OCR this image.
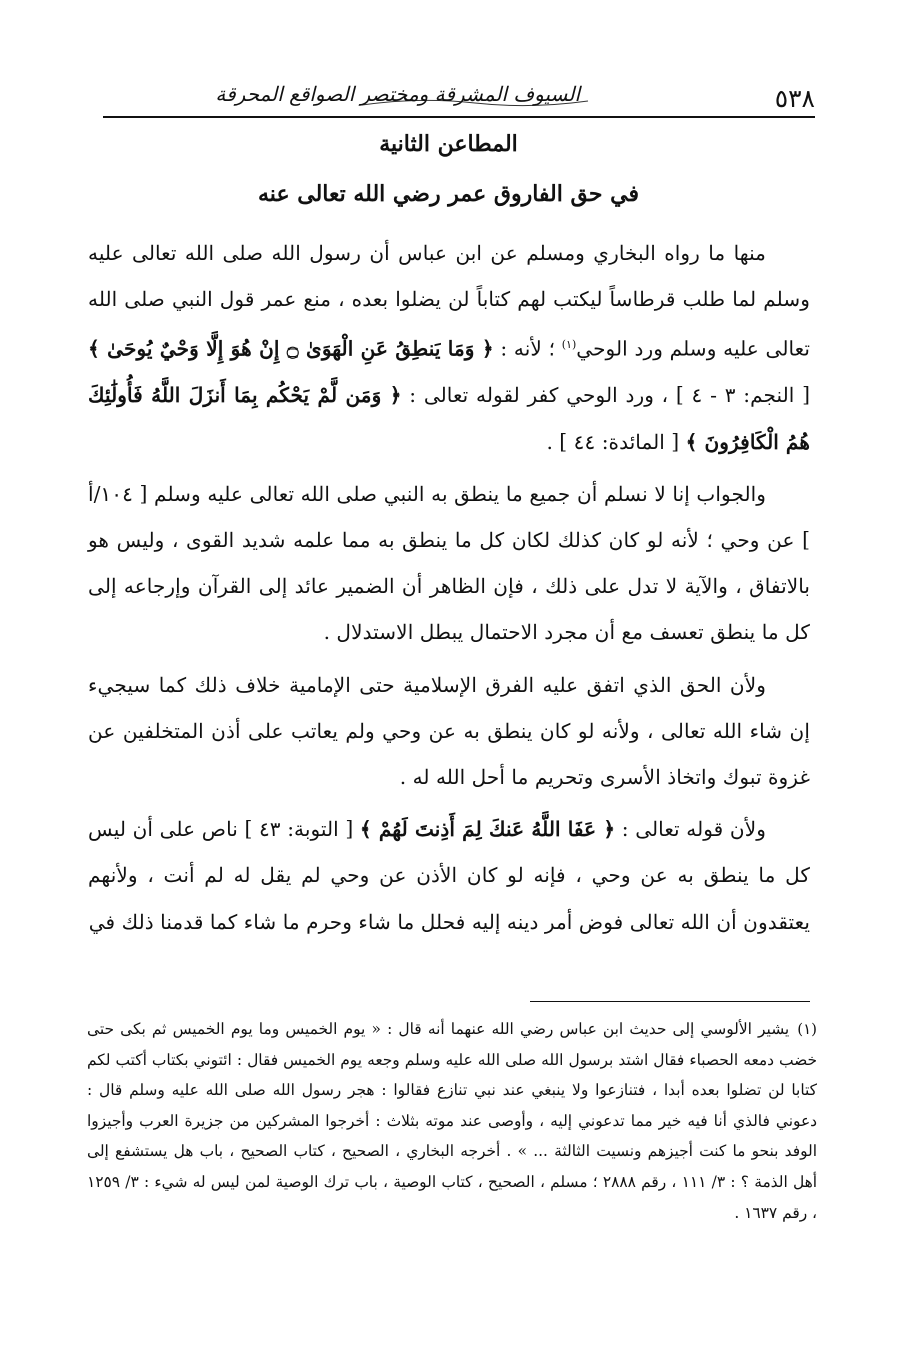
٥٣٨
السيوف المشرقة ومختصر الصواقع المحرقة
المطاعن الثانية
في حق الفاروق عمر رضي الله تعالى عنه

منها ما رواه البخاري ومسلم عن ابن عباس أن رسول الله صلى الله تعالى عليه وسلم لما طلب قرطاساً ليكتب لهم كتاباً لن يضلوا بعده ، منع عمر قول النبي صلى الله تعالى عليه وسلم ورد الوحي$^{(١)}$ ؛ لأنه : ﴿ وَمَا يَنطِقُ عَنِ الْهَوَىٰ ۝ إِنْ هُوَ إِلَّا وَحْيٌ يُوحَىٰ ﴾ [ النجم: ٣ - ٤ ] ، ورد الوحي كفر لقوله تعالى : ﴿ وَمَن لَّمْ يَحْكُم بِمَا أَنزَلَ اللَّهُ فَأُولَٰئِكَ هُمُ الْكَافِرُونَ ﴾ [ المائدة: ٤٤ ] .

والجواب إنا لا نسلم أن جميع ما ينطق به النبي صلى الله تعالى عليه وسلم [ ١٠٤/أ ] عن وحي ؛ لأنه لو كان كذلك لكان كل ما ينطق به مما علمه شديد القوى ، وليس هو بالاتفاق ، والآية لا تدل على ذلك ، فإن الظاهر أن الضمير عائد إلى القرآن وإرجاعه إلى كل ما ينطق تعسف مع أن مجرد الاحتمال يبطل الاستدلال .

ولأن الحق الذي اتفق عليه الفرق الإسلامية حتى الإمامية خلاف ذلك كما سيجيء إن شاء الله تعالى ، ولأنه لو كان ينطق به عن وحي ولم يعاتب على أذن المتخلفين عن غزوة تبوك واتخاذ الأسرى وتحريم ما أحل الله له .

ولأن قوله تعالى : ﴿ عَفَا اللَّهُ عَنكَ لِمَ أَذِنتَ لَهُمْ ﴾ [ التوبة: ٤٣ ] ناص على أن ليس كل ما ينطق به عن وحي ، فإنه لو كان الأذن عن وحي لم يقل له لم أنت ، ولأنهم يعتقدون أن الله تعالى فوض أمر دينه إليه فحلل ما شاء وحرم ما شاء كما قدمنا ذلك في

(١)يشير الألوسي إلى حديث ابن عباس رضي الله عنهما أنه قال : « يوم الخميس وما يوم الخميس ثم بكى حتى خضب دمعه الحصباء فقال اشتد برسول الله صلى الله عليه وسلم وجعه يوم الخميس فقال : ائتوني بكتاب أكتب لكم كتابا لن تضلوا بعده أبدا ، فتنازعوا ولا ينبغي عند نبي تنازع فقالوا : هجر رسول الله صلى الله عليه وسلم قال : دعوني فالذي أنا فيه خير مما تدعوني إليه ، وأوصى عند موته بثلاث : أخرجوا المشركين من جزيرة العرب وأجيزوا الوفد بنحو ما كنت أجيزهم ونسيت الثالثة ... » . أخرجه البخاري ، الصحيح ، كتاب الصحيح ، باب هل يستشفع إلى أهل الذمة ؟ : ٣/ ١١١ ، رقم ٢٨٨٨ ؛ مسلم ، الصحيح ، كتاب الوصية ، باب ترك الوصية لمن ليس له شيء : ٣/ ١٢٥٩ ، رقم ١٦٣٧ .
